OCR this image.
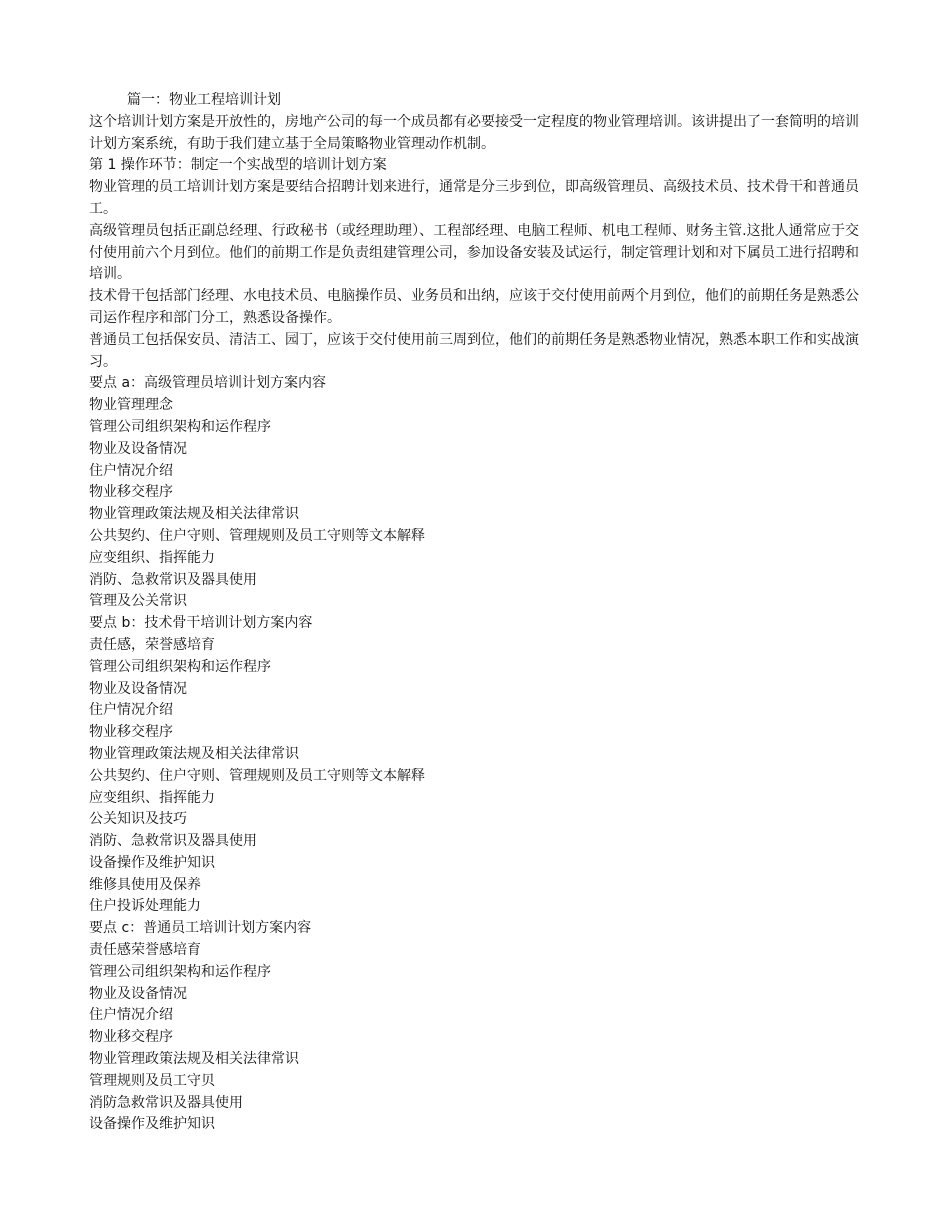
篇一：物业工程培训计划

这个培训计划方案是开放性的，房地产公司的每一个成员都有必要接受一定程度的物业管理培训。该讲提出了一套简明的培训计划方案系统，有助于我们建立基于全局策略物业管理动作机制。

第 1 操作环节：制定一个实战型的培训计划方案

物业管理的员工培训计划方案是要结合招聘计划来进行，通常是分三步到位，即高级管理员、高级技术员、技术骨干和普通员工。

高级管理员包括正副总经理、行政秘书（或经理助理）、工程部经理、电脑工程师、机电工程师、财务主管.这批人通常应于交付使用前六个月到位。他们的前期工作是负责组建管理公司，参加设备安装及试运行，制定管理计划和对下属员工进行招聘和培训。

技术骨干包括部门经理、水电技术员、电脑操作员、业务员和出纳，应该于交付使用前两个月到位，他们的前期任务是熟悉公司运作程序和部门分工，熟悉设备操作。

普通员工包括保安员、清洁工、园丁，应该于交付使用前三周到位，他们的前期任务是熟悉物业情况，熟悉本职工作和实战演习。

要点 a：高级管理员培训计划方案内容

物业管理理念

管理公司组织架构和运作程序

物业及设备情况

住户情况介绍

物业移交程序

物业管理政策法规及相关法律常识

公共契约、住户守则、管理规则及员工守则等文本解释

应变组织、指挥能力

消防、急救常识及器具使用

管理及公关常识

要点 b：技术骨干培训计划方案内容

责任感，荣誉感培育

管理公司组织架构和运作程序

物业及设备情况

住户情况介绍

物业移交程序

物业管理政策法规及相关法律常识

公共契约、住户守则、管理规则及员工守则等文本解释

应变组织、指挥能力

公关知识及技巧

消防、急救常识及器具使用

设备操作及维护知识

维修具使用及保养

住户投诉处理能力

要点 c：普通员工培训计划方案内容

责任感荣誉感培育

管理公司组织架构和运作程序

物业及设备情况

住户情况介绍

物业移交程序

物业管理政策法规及相关法律常识

管理规则及员工守贝

消防急救常识及器具使用

设备操作及维护知识
